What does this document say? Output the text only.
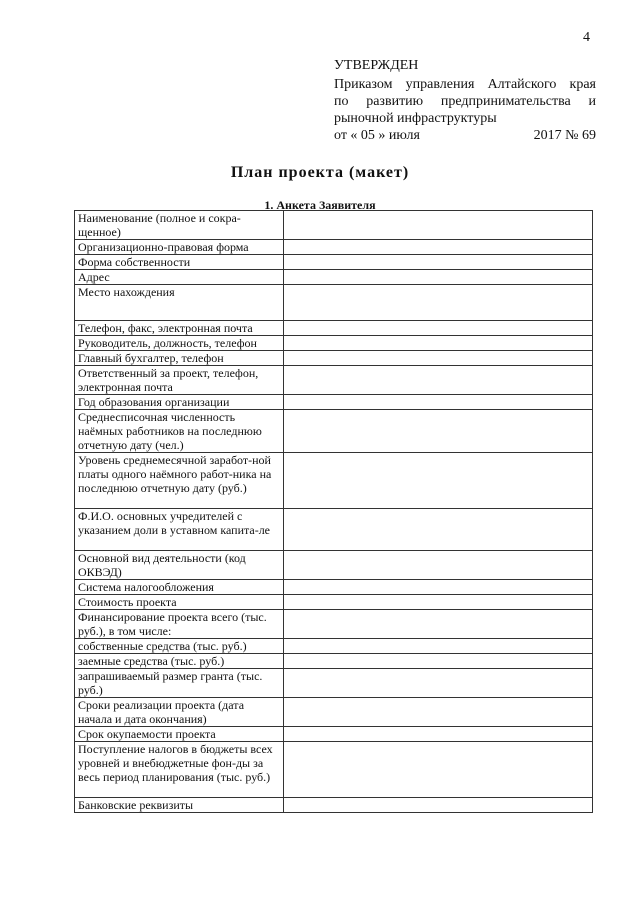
4
УТВЕРЖДЕН
Приказом управления Алтайского края
по развитию предпринимательства и
рыночной инфраструктуры
от « 05 » июля	2017 № 69
План проекта (макет)
1. Анкета Заявителя
Наименование (полное и сокра-щенное)	
Организационно-правовая форма	
Форма собственности	
Адрес	
Место нахождения	
Телефон, факс, электронная почта	
Руководитель, должность, телефон	
Главный бухгалтер, телефон	
Ответственный за проект, телефон, электронная почта	
Год образования организации	
Среднесписочная численность наёмных работников на последнюю отчетную дату (чел.)	
Уровень среднемесячной заработ-ной платы одного наёмного работ-ника на последнюю отчетную дату (руб.)	
Ф.И.О. основных учредителей с указанием доли в уставном капита-ле	
Основной вид деятельности (код ОКВЭД)	
Система налогообложения	
Стоимость проекта	
Финансирование проекта всего (тыс. руб.), в том числе:	
собственные средства (тыс. руб.)	
заемные средства (тыс. руб.)	
запрашиваемый размер гранта (тыс. руб.)	
Сроки реализации проекта (дата начала и дата окончания)	
Срок окупаемости проекта	
Поступление налогов в бюджеты всех уровней и внебюджетные фон-ды за весь период планирования (тыс. руб.)	
Банковские реквизиты	
